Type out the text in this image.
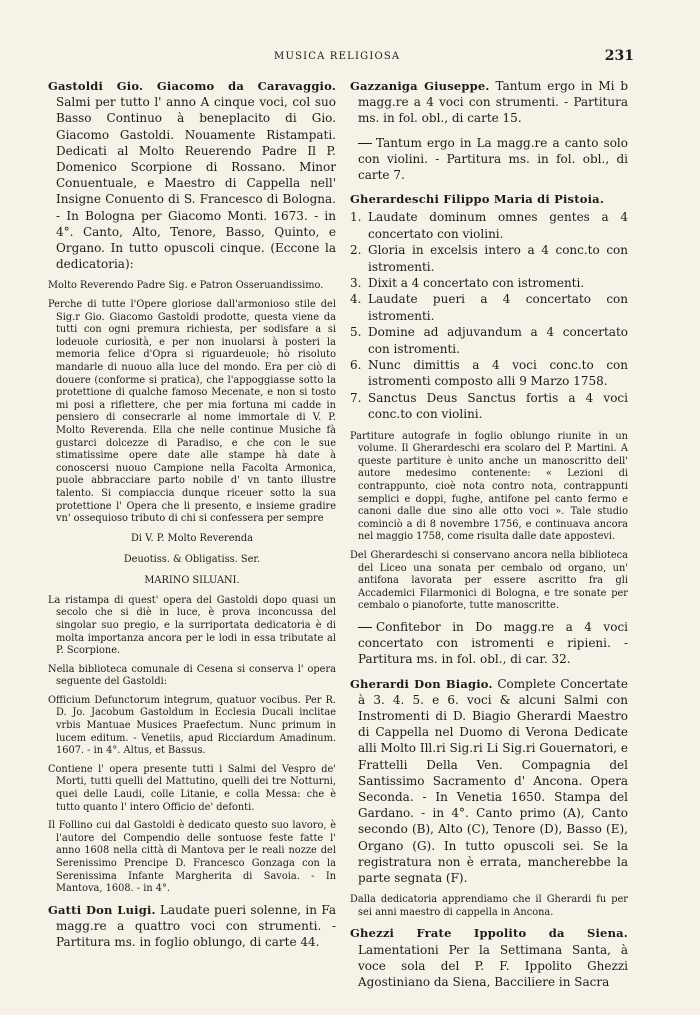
MUSICA RELIGIOSA	231

Gastoldi Gio. Giacomo da Caravaggio. Salmi per tutto l' anno A cinque voci, col suo Basso Continuo à beneplacito di Gio. Giacomo Gastoldi. Nouamente Ristampati. Dedicati al Molto Reuerendo Padre Il P. Domenico Scorpione di Rossano. Minor Conuentuale, e Maestro di Cappella nell' Insigne Conuento di S. Francesco di Bologna. - In Bologna per Giacomo Monti. 1673. - in 4°. Canto, Alto, Tenore, Basso, Quinto, e Organo. In tutto opuscoli cinque. (Eccone la dedicatoria):

Molto Reverendo Padre Sig. e Patron Osseruandissimo.

Perche di tutte l'Opere gloriose dall'armonioso stile del Sig.r Gio. Giacomo Gastoldi prodotte, questa viene da tutti con ogni premura richiesta, per sodisfare a si lodeuole curiosità, e per non inuolarsi à posteri la memoria felice d'Opra si riguardeuole; hò risoluto mandarle di nuouo alla luce del mondo. Era per ciò di douere (conforme si pratica), che l'appoggiasse sotto la protettione di qualche famoso Mecenate, e non si tosto mi posi a riflettere, che per mia fortuna mi cadde in pensiero di consecrarle al nome immortale di V. P. Molto Reverenda. Ella che nelle continue Musiche fà gustarci dolcezze di Paradiso, e che con le sue stimatissime opere date alle stampe hà date à conoscersi nuouo Campione nella Facolta Armonica, puole abbracciare parto nobile d' vn tanto illustre talento. Si compiaccia dunque riceuer sotto la sua protettione l' Opera che li presento, e insieme gradire vn' ossequioso tributo di chi si confessera per sempre

Di V. P. Molto Reverenda

Deuotiss. & Obligatiss. Ser.

MARINO SILUANI.

La ristampa di quest' opera del Gastoldi dopo quasi un secolo che si diè in luce, è prova inconcussa del singolar suo pregio, e la surriportata dedicatoria è di molta importanza ancora per le lodi in essa tributate al P. Scorpione.

Nella biblioteca comunale di Cesena si conserva l' opera seguente del Gastoldi:

Officium Defunctorum integrum, quatuor vocibus. Per R. D. Jo. Jacobum Gastoldum in Ecclesia Ducali inclitae vrbis Mantuae Musices Praefectum. Nunc primum in lucem editum. - Venetiis, apud Ricciardum Amadinum. 1607. - in 4°. Altus, et Bassus.

Contiene l' opera presente tutti i Salmi del Vespro de' Morti, tutti quelli del Mattutino, quelli dei tre Notturni, quei delle Laudi, colle Litanie, e colla Messa: che è tutto quanto l' intero Officio de' defonti.

Il Follino cui dal Gastoldi è dedicato questo suo lavoro, è l'autore del Compendio delle sontuose feste fatte l' anno 1608 nella città di Mantova per le reali nozze del Serenissimo Prencipe D. Francesco Gonzaga con la Serenissima Infante Margherita di Savoia. - In Mantova, 1608. - in 4°.

Gatti Don Luigi. Laudate pueri solenne, in Fa magg.re a quattro voci con strumenti. - Partitura ms. in foglio oblungo, di carte 44.

Gazzaniga Giuseppe. Tantum ergo in Mi b magg.re a 4 voci con strumenti. - Partitura ms. in fol. obl., di carte 15.

Tantum ergo in La magg.re a canto solo con violini. - Partitura ms. in fol. obl., di carte 7.

Gherardeschi Filippo Maria di Pistoia.

1. Laudate dominum omnes gentes a 4 concertato con violini.
2. Gloria in excelsis intero a 4 conc.to con istromenti.
3. Dixit a 4 concertato con istromenti.
4. Laudate pueri a 4 concertato con istromenti.
5. Domine ad adjuvandum a 4 concertato con istromenti.
6. Nunc dimittis a 4 voci conc.to con istromenti composto alli 9 Marzo 1758.
7. Sanctus Deus Sanctus fortis a 4 voci conc.to con violini.

Partiture autografe in foglio oblungo riunite in un volume. Il Gherardeschi era scolaro del P. Martini. A queste partiture è unito anche un manoscritto dell' autore medesimo contenente: « Lezioni di contrappunto, cioè nota contro nota, contrappunti semplici e doppi, fughe, antifone pel canto fermo e canoni dalle due sino alle otto voci ». Tale studio cominciò a di 8 novembre 1756, e continuava ancora nel maggio 1758, come risulta dalle date appostevi.

Del Gherardeschi si conservano ancora nella biblioteca del Liceo una sonata per cembalo od organo, un' antifona lavorata per essere ascritto fra gli Accademici Filarmonici di Bologna, e tre sonate per cembalo o pianoforte, tutte manoscritte.

Confitebor in Do magg.re a 4 voci concertato con istromenti e ripieni. - Partitura ms. in fol. obl., di car. 32.

Gherardi Don Biagio. Complete Concertate à 3. 4. 5. e 6. voci & alcuni Salmi con Instromenti di D. Biagio Gherardi Maestro di Cappella nel Duomo di Verona Dedicate alli Molto Ill.ri Sig.ri Li Sig.ri Gouernatori, e Frattelli Della Ven. Compagnia del Santissimo Sacramento d' Ancona. Opera Seconda. - In Venetia 1650. Stampa del Gardano. - in 4°. Canto primo (A), Canto secondo (B), Alto (C), Tenore (D), Basso (E), Organo (G). In tutto opuscoli sei. Se la registratura non è errata, mancherebbe la parte segnata (F).

Dalla dedicatoria apprendiamo che il Gherardi fu per sei anni maestro di cappella in Ancona.

Ghezzi Frate Ippolito da Siena. Lamentationi Per la Settimana Santa, à voce sola del P. F. Ippolito Ghezzi Agostiniano da Siena, Bacciliere in Sacra
